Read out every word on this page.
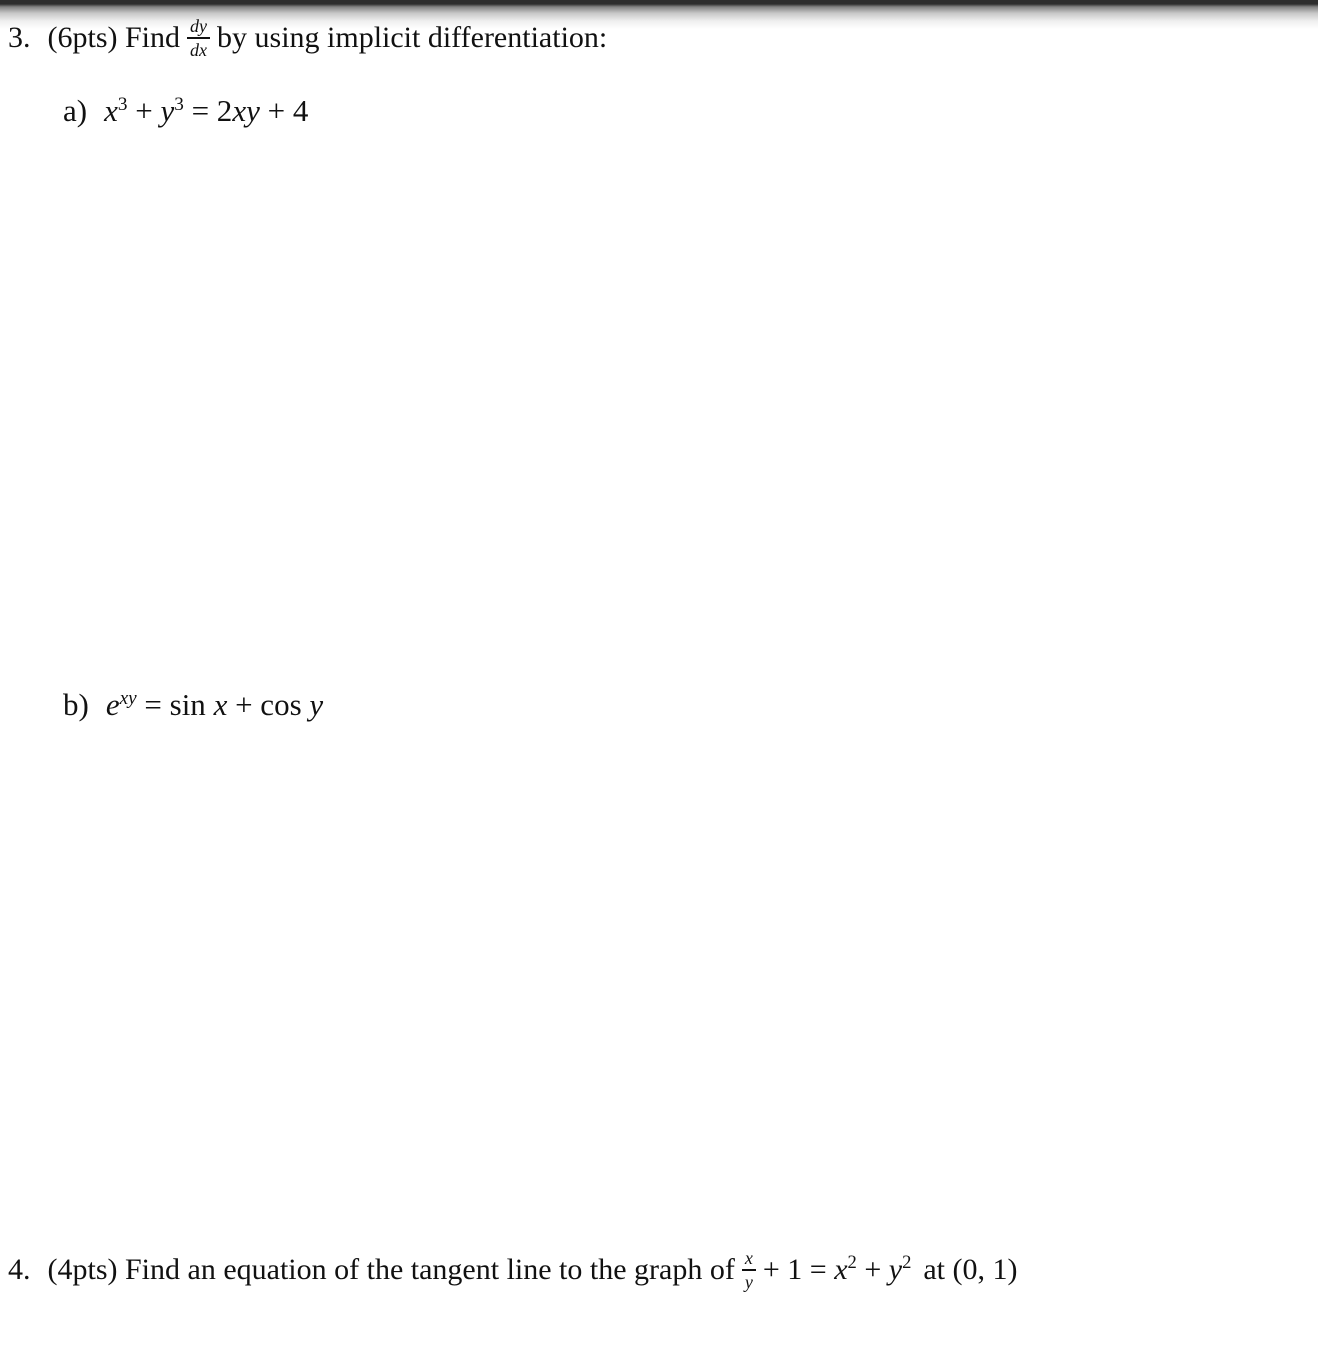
3. (6pts) Find $\frac{dy}{dx}$ by using implicit differentiation:
a) $x^3 + y^3 = 2xy + 4$
b) $e^{xy} = \sin x + \cos y$
4. (4pts) Find an equation of the tangent line to the graph of $\frac{x}{y} + 1 = x^2 + y^2$ at (0, 1)
